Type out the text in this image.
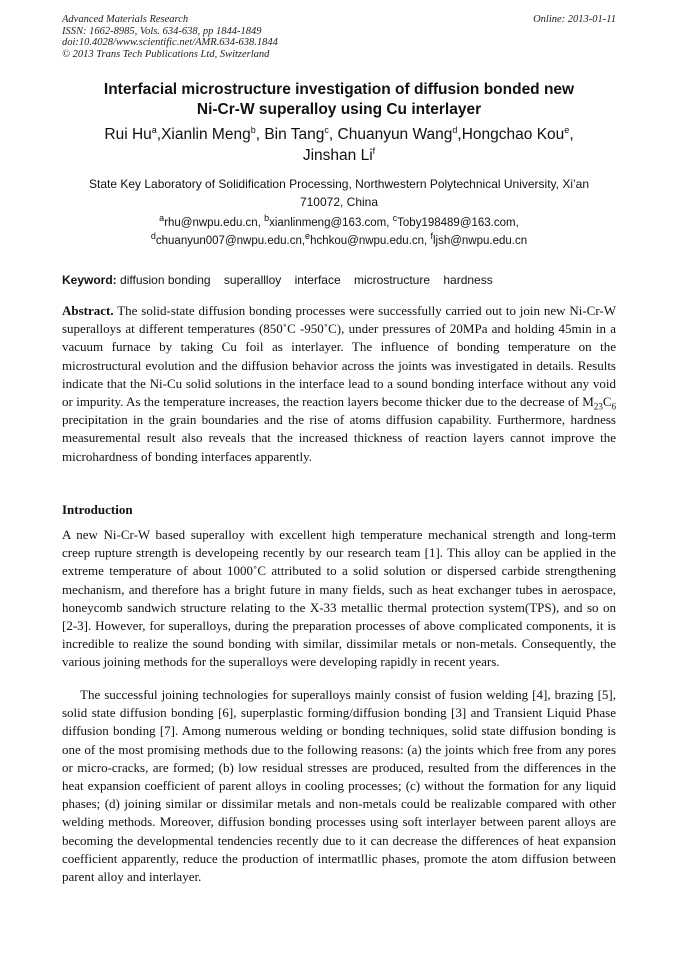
Advanced Materials Research
ISSN: 1662-8985, Vols. 634-638, pp 1844-1849
doi:10.4028/www.scientific.net/AMR.634-638.1844
© 2013 Trans Tech Publications Ltd, Switzerland
Online: 2013-01-11
Interfacial microstructure investigation of diffusion bonded new
Ni-Cr-W superalloy using Cu interlayer
Rui Hu$^a$,Xianlin Meng$^b$, Bin Tang$^c$, Chuanyun Wang$^d$,Hongchao Kou$^e$,
Jinshan Li$^f$
State Key Laboratory of Solidification Processing, Northwestern Polytechnical University, Xi’an
710072, China
$^a$rhu@nwpu.edu.cn, $^b$xianlinmeng@163.com, $^c$Toby198489@163.com,
$^d$chuanyun007@nwpu.edu.cn,$^e$hchkou@nwpu.edu.cn, $^f$ljsh@nwpu.edu.cn
Keyword: diffusion bonding superallloy interface microstructure hardness
Abstract. The solid-state diffusion bonding processes were successfully carried out to join new Ni-Cr-W superalloys at different temperatures (850˚C -950˚C), under pressures of 20MPa and holding 45min in a vacuum furnace by taking Cu foil as interlayer. The influence of bonding temperature on the microstructural evolution and the diffusion behavior across the joints was investigated in details. Results indicate that the Ni-Cu solid solutions in the interface lead to a sound bonding interface without any void or impurity. As the temperature increases, the reaction layers become thicker due to the decrease of $M_{23}C_6$ precipitation in the grain boundaries and the rise of atoms diffusion capability. Furthermore, hardness measuremental result also reveals that the increased thickness of reaction layers cannot improve the microhardness of bonding interfaces apparently.
Introduction
A new Ni-Cr-W based superalloy with excellent high temperature mechanical strength and long-term creep rupture strength is developeing recently by our research team [1]. This alloy can be applied in the extreme temperature of about 1000˚C attributed to a solid solution or dispersed carbide strengthening mechanism, and therefore has a bright future in many fields, such as heat exchanger tubes in aerospace, honeycomb sandwich structure relating to the X-33 metallic thermal protection system(TPS), and so on [2-3]. However, for superalloys, during the preparation processes of above complicated components, it is incredible to realize the sound bonding with similar, dissimilar metals or non-metals. Consequently, the various joining methods for the superalloys were developing rapidly in recent years.
The successful joining technologies for superalloys mainly consist of fusion welding [4], brazing [5], solid state diffusion bonding [6], superplastic forming/diffusion bonding [3] and Transient Liquid Phase diffusion bonding [7]. Among numerous welding or bonding techniques, solid state diffusion bonding is one of the most promising methods due to the following reasons: (a) the joints which free from any pores or micro-cracks, are formed; (b) low residual stresses are produced, resulted from the differences in the heat expansion coefficient of parent alloys in cooling processes; (c) without the formation for any liquid phases; (d) joining similar or dissimilar metals and non-metals could be realizable compared with other welding methods. Moreover, diffusion bonding processes using soft interlayer between parent alloys are becoming the developmental tendencies recently due to it can decrease the differences of heat expansion coefficient apparently, reduce the production of intermatllic phases, promote the atom diffusion between parent alloy and interlayer.
